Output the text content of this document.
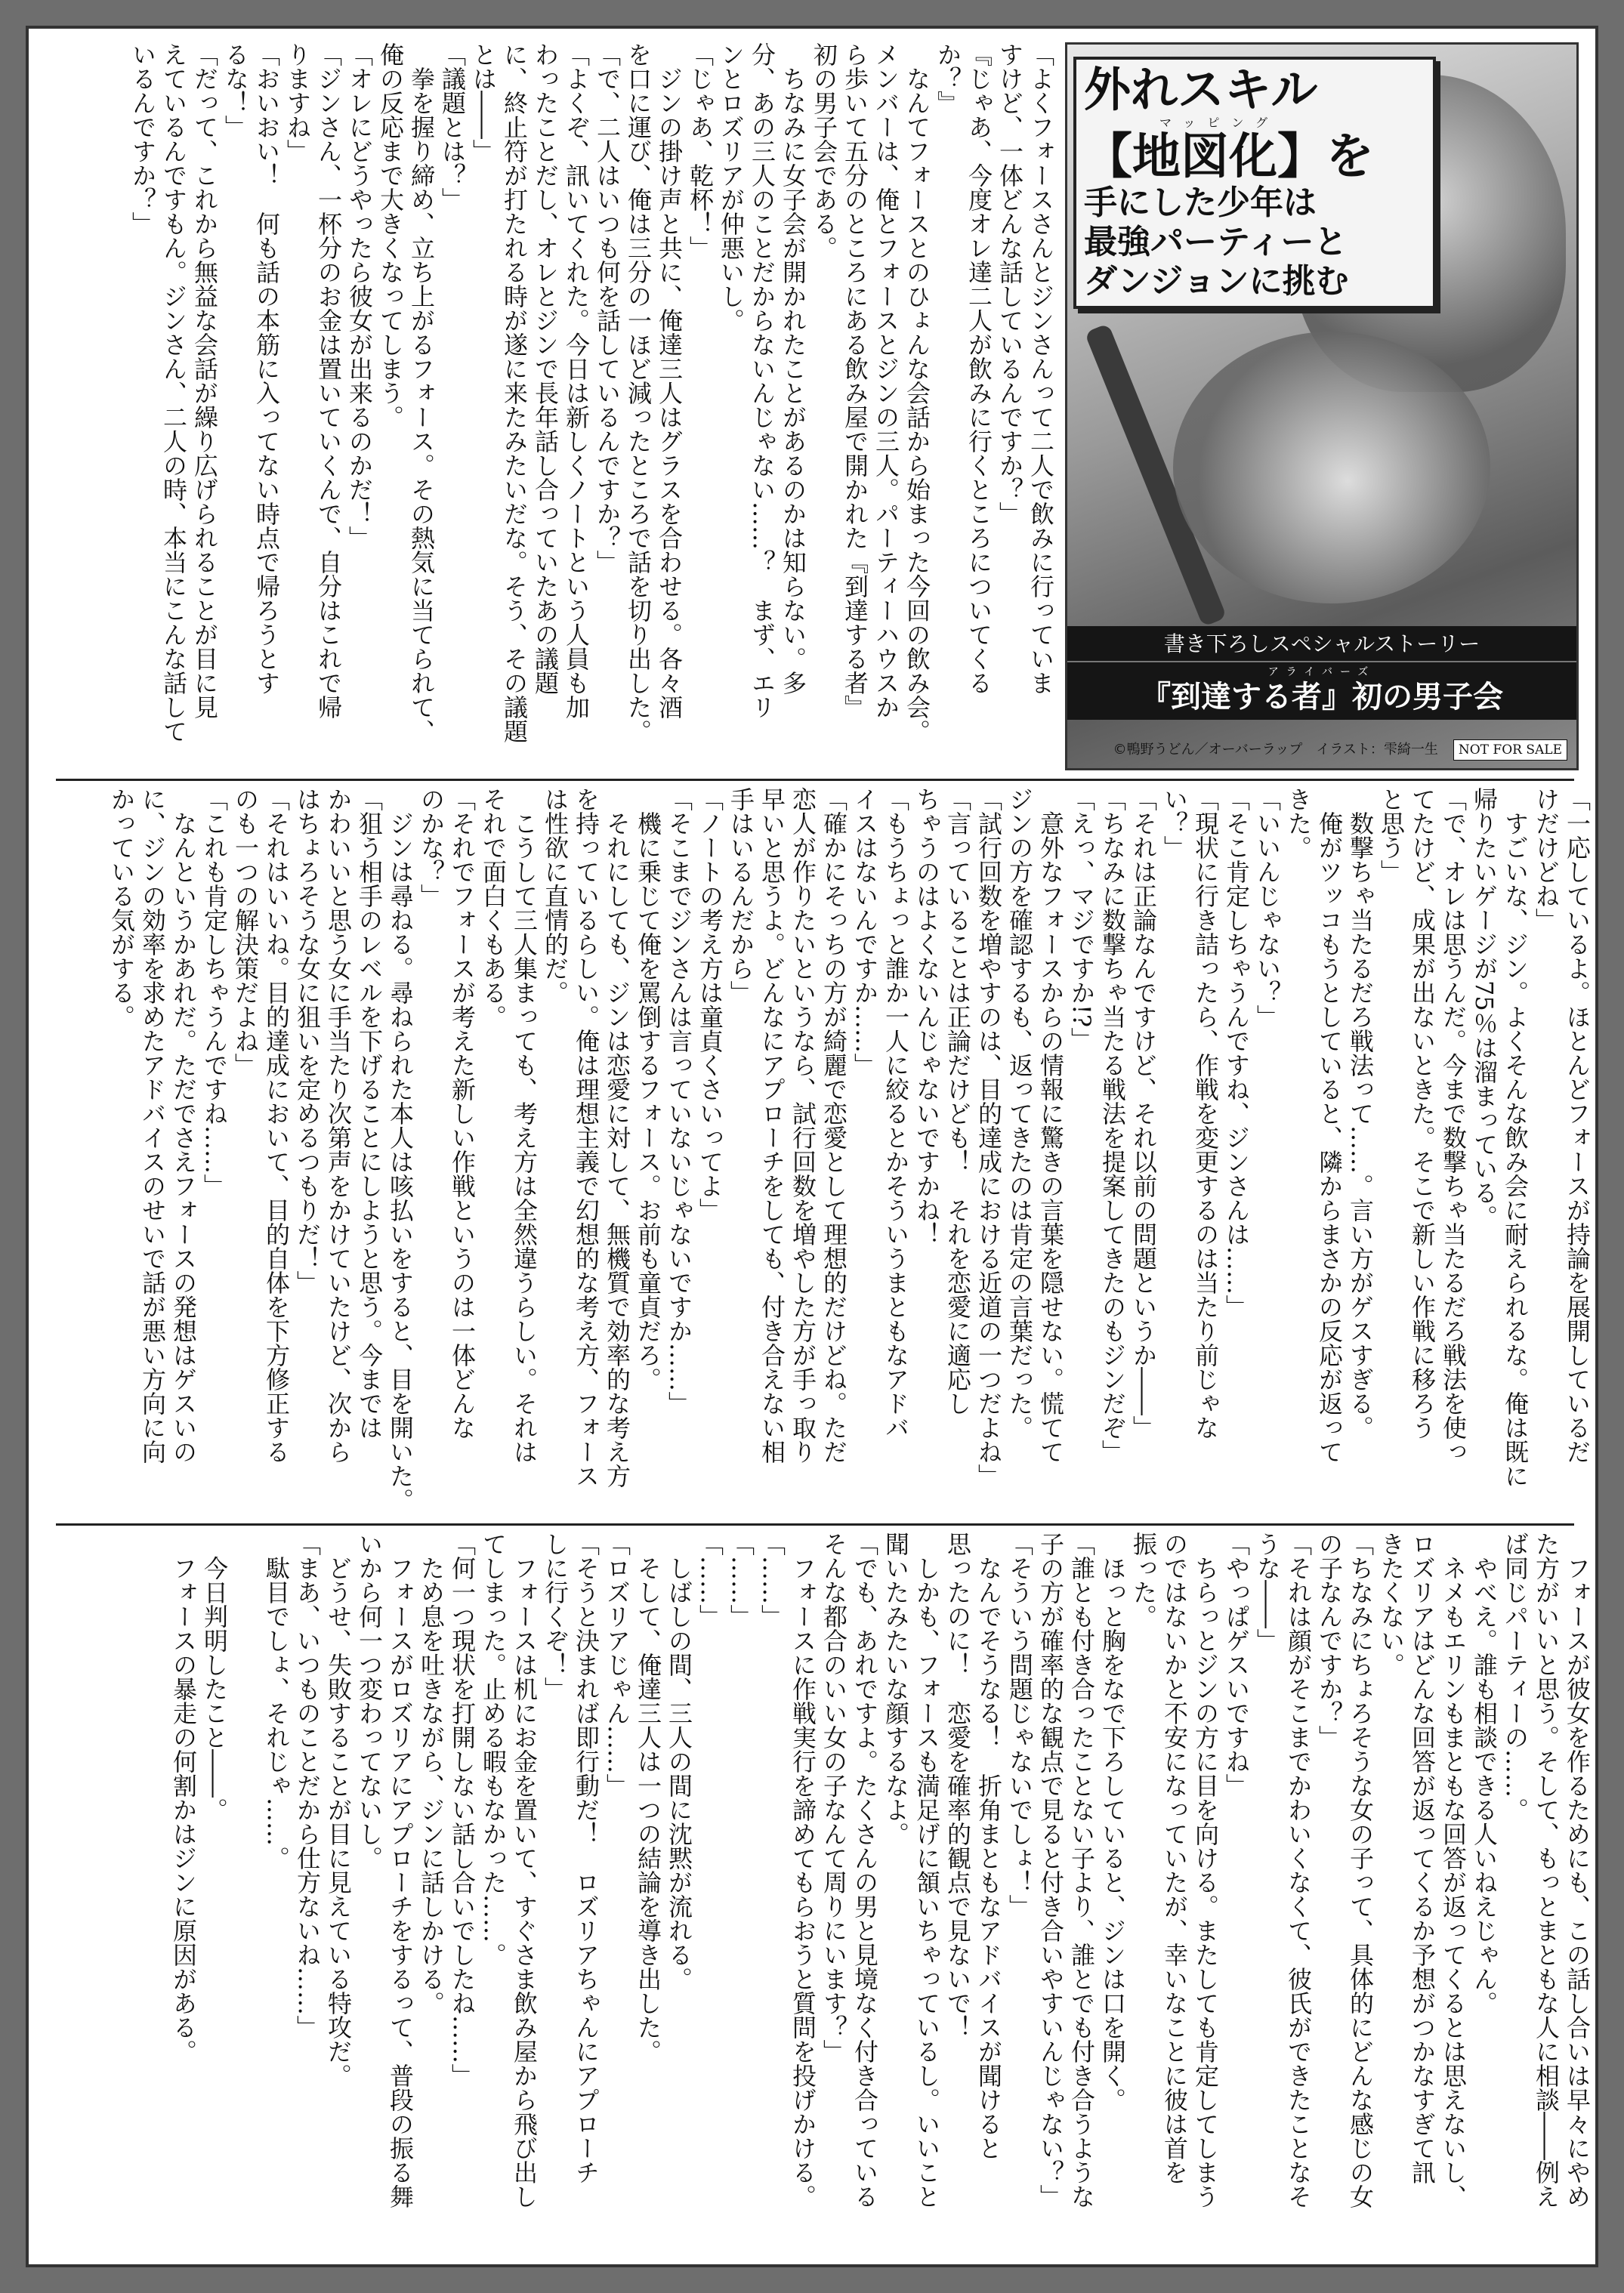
「よくフォースさんとジンさんって二人で飲みに行っていま
すけど、一体どんな話しているんですか？」
『じゃあ、今度オレ達二人が飲みに行くところについてくる
か？』
　なんてフォースとのひょんな会話から始まった今回の飲み会。
メンバーは、俺とフォースとジンの三人。パーティーハウスか
ら歩いて五分のところにある飲み屋で開かれた『到達する者』
初の男子会である。
　ちなみに女子会が開かれたことがあるのかは知らない。多
分、あの三人のことだからないんじゃない……？　まず、エリ
ンとロズリアが仲悪いし。
「じゃあ、乾杯！」
　ジンの掛け声と共に、俺達三人はグラスを合わせる。各々酒
を口に運び、俺は三分の一ほど減ったところで話を切り出した。
「で、二人はいつも何を話しているんですか？」
「よくぞ、訊いてくれた。今日は新しくノートという人員も加
わったことだし、オレとジンで長年話し合っていたあの議題
に、終止符が打たれる時が遂に来たみたいだな。そう、その議題
とは――」
「議題とは？」
　拳を握り締め、立ち上がるフォース。その熱気に当てられて、
俺の反応まで大きくなってしまう。
「オレにどうやったら彼女が出来るのかだ！」
「ジンさん、一杯分のお金は置いていくんで、自分はこれで帰
りますね」
「おいおい！　何も話の本筋に入ってない時点で帰ろうとす
るな！」
「だって、これから無益な会話が繰り広げられることが目に見
えているんですもん。ジンさん、二人の時、本当にこんな話して
いるんですか？」	外れスキル
マッピング
【地図化】を
手にした少年は
最強パーティーと
ダンジョンに挑む
書き下ろしスペシャルストーリー
アライバーズ
『到達する者』初の男子会
©鴨野うどん／オーバーラップ　イラスト：雫綺一生 NOT FOR SALE
「一応しているよ。ほとんどフォースが持論を展開しているだ
けだけどね」
　すごいな、ジン。よくそんな飲み会に耐えられるな。俺は既に
帰りたいゲージが75％は溜まっている。
「で、オレは思うんだ。今まで数撃ちゃ当たるだろ戦法を使っ
てたけど、成果が出ないときた。そこで新しい作戦に移ろう
と思う」
　数撃ちゃ当たるだろ戦法って……。言い方がゲスすぎる。
　俺がツッコもうとしていると、隣からまさかの反応が返って
きた。
「いいんじゃない？」
「そこ肯定しちゃうんですね、ジンさんは……」
「現状に行き詰ったら、作戦を変更するのは当たり前じゃな
い？」
「それは正論なんですけど、それ以前の問題というか――」
「ちなみに数撃ちゃ当たる戦法を提案してきたのもジンだぞ」
「えっ、マジですか!?」
　意外なフォースからの情報に驚きの言葉を隠せない。慌てて
ジンの方を確認するも、返ってきたのは肯定の言葉だった。
「試行回数を増やすのは、目的達成における近道の一つだよね」
「言っていることは正論だけども！　それを恋愛に適応し
ちゃうのはよくないんじゃないですかね！
「もうちょっと誰か一人に絞るとかそういうまともなアドバ
イスはないんですか……」
「確かにそっちの方が綺麗で恋愛として理想的だけどね。ただ
恋人が作りたいというなら、試行回数を増やした方が手っ取り
早いと思うよ。どんなにアプローチをしても、付き合えない相
手はいるんだから」
「ノートの考え方は童貞くさいってよ」
「そこまでジンさんは言っていないじゃないですか……」
　機に乗じて俺を罵倒するフォース。お前も童貞だろ。
　それにしても、ジンは恋愛に対して、無機質で効率的な考え方
を持っているらしい。俺は理想主義で幻想的な考え方、フォース
は性欲に直情的だ。
　こうして三人集まっても、考え方は全然違うらしい。それは
それで面白くもある。
「それでフォースが考えた新しい作戦というのは一体どんな
のかな？」
　ジンは尋ねる。尋ねられた本人は咳払いをすると、目を開いた。
「狙う相手のレベルを下げることにしようと思う。今までは
かわいいと思う女に手当たり次第声をかけていたけど、次から
はちょろそうな女に狙いを定めるつもりだ！」
「それはいいね。目的達成において、目的自体を下方修正する
のも一つの解決策だよね」
「これも肯定しちゃうんですね……」
　なんというかあれだ。ただでさえフォースの発想はゲスいの
に、ジンの効率を求めたアドバイスのせいで話が悪い方向に向
かっている気がする。
　フォースが彼女を作るためにも、この話し合いは早々にやめ
た方がいいと思う。そして、もっとまともな人に相談――例え
ば同じパーティーの……。
　やべえ。誰も相談できる人いねえじゃん。
　ネメもエリンもまともな回答が返ってくるとは思えないし、
ロズリアはどんな回答が返ってくるか予想がつかなすぎて訊
きたくない。
「ちなみにちょろそうな女の子って、具体的にどんな感じの女
の子なんですか？」
「それは顔がそこまでかわいくなくて、彼氏ができたことなそ
うな――」
「やっぱゲスいですね」
　ちらっとジンの方に目を向ける。またしても肯定してしまう
のではないかと不安になっていたが、幸いなことに彼は首を
振った。
　ほっと胸をなで下ろしていると、ジンは口を開く。
「誰とも付き合ったことない子より、誰とでも付き合うような
子の方が確率的な観点で見ると付き合いやすいんじゃない？」
「そういう問題じゃないでしょ！」
　なんでそうなる！　折角まともなアドバイスが聞けると
思ったのに！　恋愛を確率的観点で見ないで！
　しかも、フォースも満足げに頷いちゃっているし。いいこと
聞いたみたいな顔するなよ。
「でも、あれですよ。たくさんの男と見境なく付き合っている
そんな都合のいい女の子なんて周りにいます？」
　フォースに作戦実行を諦めてもらおうと質問を投げかける。
「……」
「……」
「……」
　しばしの間、三人の間に沈黙が流れる。
　そして、俺達三人は一つの結論を導き出した。
「ロズリアじゃん……」
「そうと決まれば即行動だ！　ロズリアちゃんにアプローチ
しに行くぞ！」
　フォースは机にお金を置いて、すぐさま飲み屋から飛び出し
てしまった。止める暇もなかった……。
「何一つ現状を打開しない話し合いでしたね……」
　ため息を吐きながら、ジンに話しかける。
　フォースがロズリアにアプローチをするって、普段の振る舞
いから何一つ変わってないし。
　どうせ、失敗することが目に見えている特攻だ。
「まあ、いつものことだから仕方ないね……」
　駄目でしょ、それじゃ……。

　今日判明したこと――。
　フォースの暴走の何割かはジンに原因がある。
